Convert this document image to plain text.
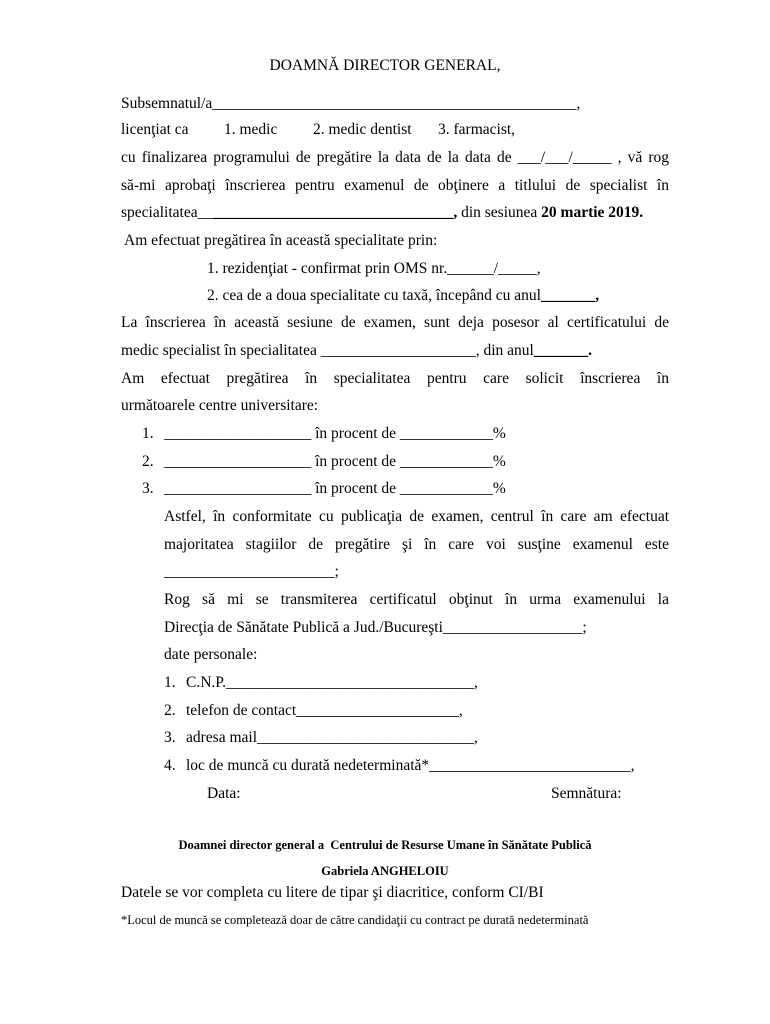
DOAMNĂ DIRECTOR GENERAL,
Subsemnatul/a_______________________________________________,
licenţiat ca 1. medic 2. medic dentist 3. farmacist,
cu finalizarea programului de pregătire la data de la data de ___/___/_____ , vă rog
să-mi aprobaţi înscrierea pentru examenul de obţinere a titlului de specialist în
specialitatea_________________________________, din sesiunea 20 martie 2019.
Am efectuat pregătirea în această specialitate prin:
1. rezidenţiat - confirmat prin OMS nr.______/_____,
2. cea de a doua specialitate cu taxă, începând cu anul_______,
La înscrierea în această sesiune de examen, sunt deja posesor al certificatului de
medic specialist în specialitatea ____________________, din anul_______.
Am efectuat pregătirea în specialitatea pentru care solicit înscrierea în
următoarele centre universitare:
1. ___________________ în procent de ____________%
2. ___________________ în procent de ____________%
3. ___________________ în procent de ____________%
Astfel, în conformitate cu publicaţia de examen, centrul în care am efectuat
majoritatea stagiilor de pregătire şi în care voi susţine examenul este
______________________;
Rog să mi se transmiterea certificatul obţinut în urma examenului la
Direcţia de Sănătate Publică a Jud./Bucureşti__________________;
date personale:
1. C.N.P.________________________________,
2. telefon de contact_____________________,
3. adresa mail____________________________,
4. loc de muncă cu durată nedeterminată*__________________________,
Data:	Semnătura:
Doamnei director general a  Centrului de Resurse Umane în Sănătate Publică
Gabriela ANGHELOIU
Datele se vor completa cu litere de tipar şi diacritice, conform CI/BI
*Locul de muncă se completează doar de către candidaţii cu contract pe durată nedeterminată
